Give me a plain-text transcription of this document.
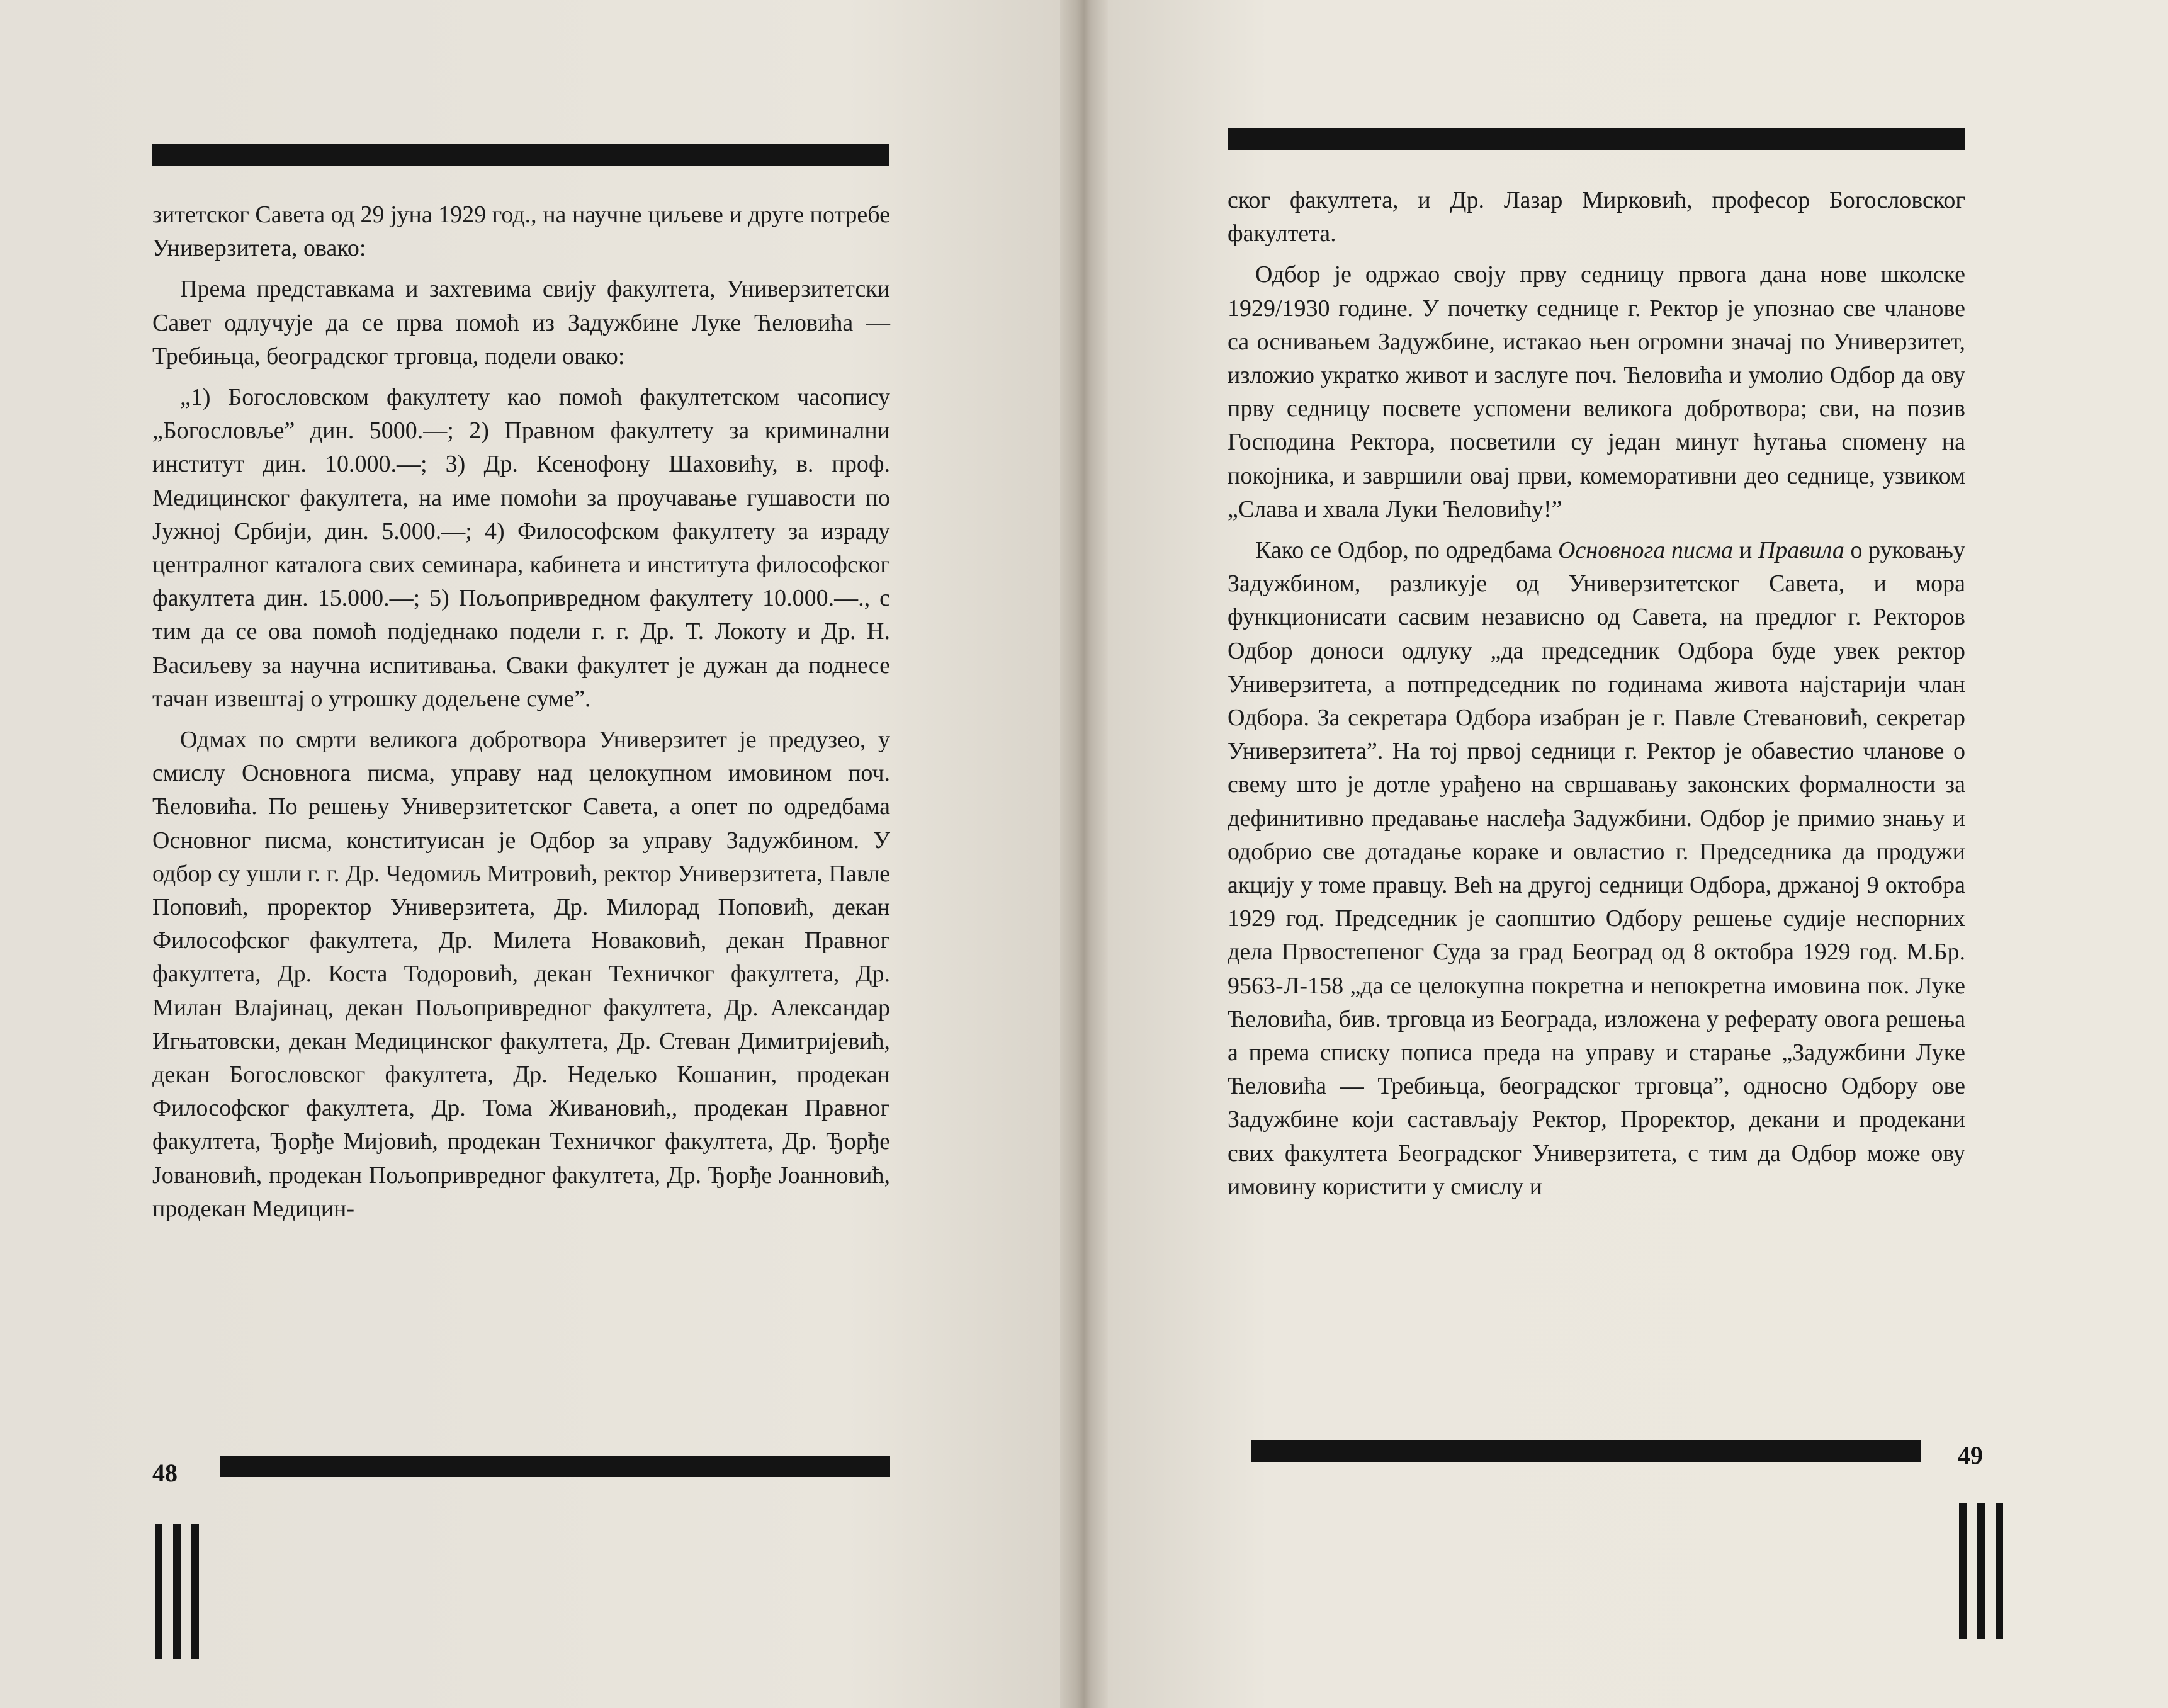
зитетског Савета од 29 јуна 1929 год., на научне циљеве и друге потребе Универзитета, овако:

Према представкама и захтевима свију факултета, Универзитетски Савет одлучује да се прва помоћ из Задужбине Луке Ћеловића — Требињца, београдског трговца, подели овако:

„1) Богословском факултету као помоћ факултетском часопису „Богословље” дин. 5000.—; 2) Правном факултету за криминални институт дин. 10.000.—; 3) Др. Ксенофону Шаховићу, в. проф. Медицинског факултета, на име помоћи за проучавање гушавости по Јужној Србији, дин. 5.000.—; 4) Философском факултету за израду централног каталога свих семинара, кабинета и института философског факултета дин. 15.000.—; 5) Пољопривредном факултету 10.000.—., с тим да се ова помоћ подједнако подели г. г. Др. Т. Локоту и Др. Н. Васиљеву за научна испитивања. Сваки факултет је дужан да поднесе тачан извештај о утрошку додељене суме”.

Одмах по смрти великога добротвора Универзитет је предузео, у смислу Основнога писма, управу над целокупном имовином поч. Ћеловића. По решењу Универзитетског Савета, а опет по одредбама Основног писма, конституисан је Одбор за управу Задужбином. У одбор су ушли г. г. Др. Чедомиљ Митровић, ректор Универзитета, Павле Поповић, проректор Универзитета, Др. Милорад Поповић, декан Философског факултета, Др. Милета Новаковић, декан Правног факултета, Др. Коста Тодоровић, декан Техничког факултета, Др. Милан Влајинац, декан Пољопривредног факултета, Др. Александар Игњатовски, декан Медицинског факултета, Др. Стеван Димитријевић, декан Богословског факултета, Др. Недељко Кошанин, продекан Философског факултета, Др. Тома Живановић,, продекан Правног факултета, Ђорђе Мијовић, продекан Техничког факултета, Др. Ђорђе Јовановић, продекан Пољопривредног факултета, Др. Ђорђе Јоанновић, продекан Медицин-

48

ског факултета, и Др. Лазар Мирковић, професор Богословског факултета.

Одбор је одржао своју прву седницу првога дана нове школске 1929/1930 године. У почетку седнице г. Ректор је упознао све чланове са оснивањем Задужбине, истакао њен огромни значај по Универзитет, изложио укратко живот и заслуге поч. Ћеловића и умолио Одбор да ову прву седницу посвете успомени великога добротвора; сви, на позив Господина Ректора, посветили су један минут ћутања спомену на покојника, и завршили овај први, комеморативни део седнице, узвиком „Слава и хвала Луки Ћеловићу!”

Како се Одбор, по одредбама Основнога писма и Правила о руковању Задужбином, разликује од Универзитетског Савета, и мора функционисати сасвим независно од Савета, на предлог г. Ректоров Одбор доноси одлуку „да председник Одбора буде увек ректор Универзитета, а потпредседник по годинама живота најстарији члан Одбора. За секретара Одбора изабран је г. Павле Стевановић, секретар Универзитета”. На тој првој седници г. Ректор је обавестио чланове о свему што је дотле урађено на свршавању законских формалности за дефинитивно предавање наслеђа Задужбини. Одбор је примио знању и одобрио све дотадање кораке и овластио г. Председника да продужи акцију у томе правцу. Већ на другој седници Одбора, држаној 9 октобра 1929 год. Председник је саопштио Одбору решење судије неспорних дела Првостепеног Суда за град Београд од 8 октобра 1929 год. М.Бр. 9563-Л-158 „да се целокупна покретна и непокретна имовина пок. Луке Ћеловића, бив. трговца из Београда, изложена у реферату овога решења а према списку пописа преда на управу и старање „Задужбини Луке Ћеловића — Требињца, београдског трговца”, односно Одбору ове Задужбине који састављају Ректор, Проректор, декани и продекани свих факултета Београдског Универзитета, с тим да Одбор може ову имовину користити у смислу и

49
